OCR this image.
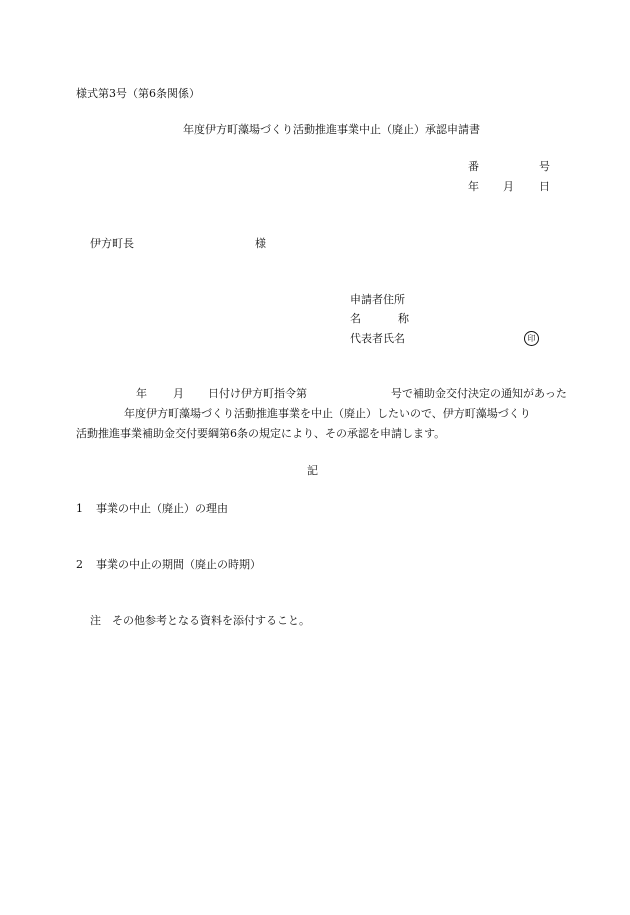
様式第3号（第6条関係）
年度伊方町藻場づくり活動推進事業中止（廃止）承認申請書
番	号
年 月 日
伊方町長	様
申請者住所
名	称
代表者氏名	印
年 月 日付け伊方町指令第	号で補助金交付決定の通知があった
年度伊方町藻場づくり活動推進事業を中止（廃止）したいので、伊方町藻場づくり
活動推進事業補助金交付要綱第6条の規定により、その承認を申請します。
記
1 事業の中止（廃止）の理由
2 事業の中止の期間（廃止の時期）
注 その他参考となる資料を添付すること。
